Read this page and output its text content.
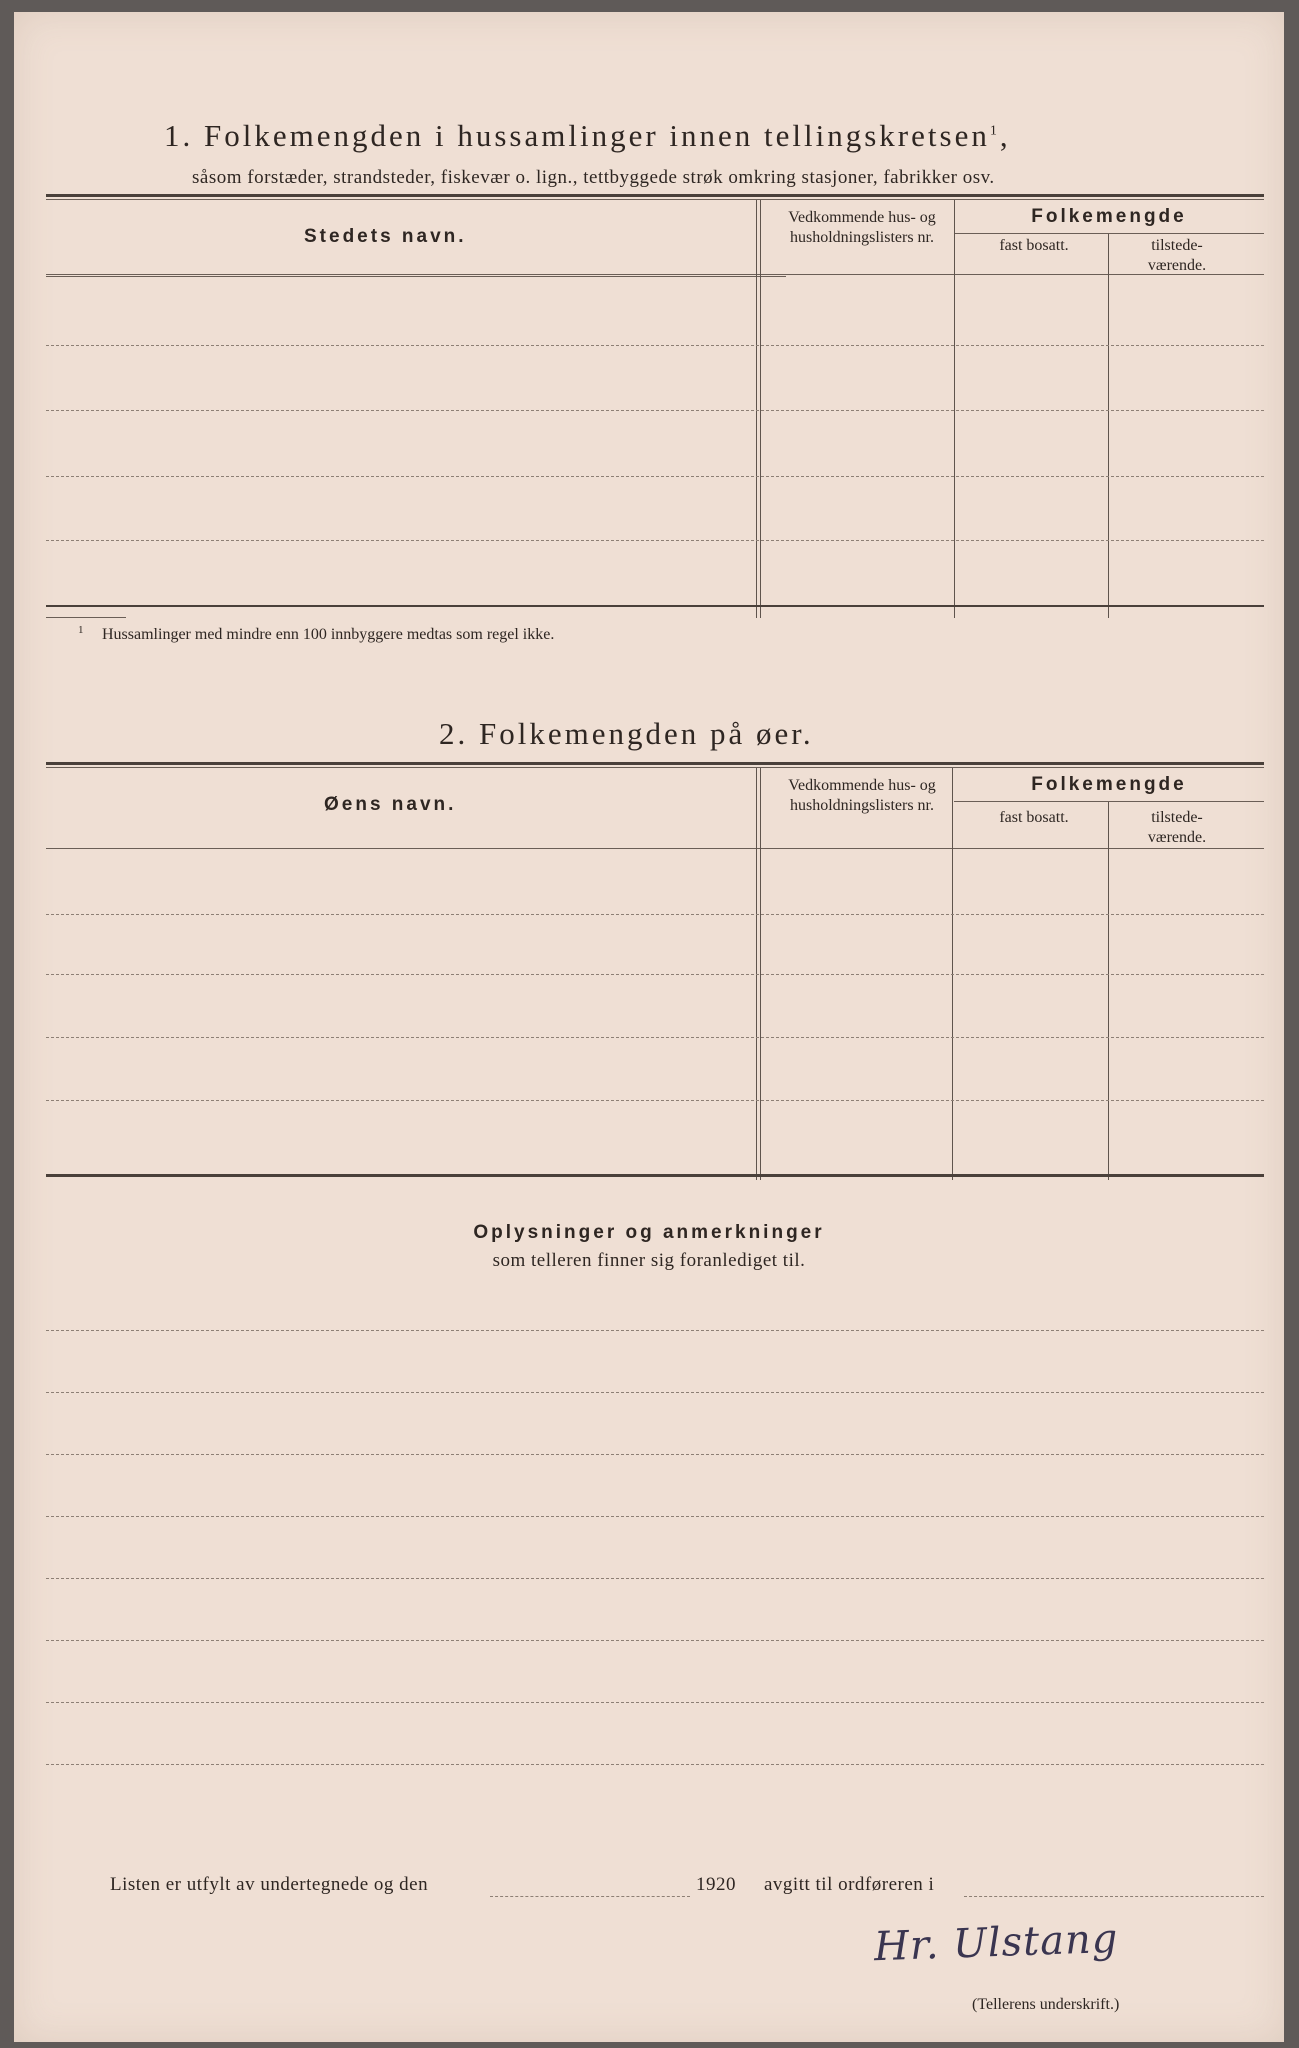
1. Folkemengden i hussamlinger innen tellingskretsen$^1$,
såsom forstæder, strandsteder, fiskevær o. lign., tettbyggede strøk omkring stasjoner, fabrikker osv.
Stedets navn.
Vedkommende hus- og husholdningslisters nr.
Folkemengde
fast bosatt.	tilstede- værende.
1 Hussamlinger med mindre enn 100 innbyggere medtas som regel ikke.
2. Folkemengden på øer.
Øens navn.
Vedkommende hus- og husholdningslisters nr.
Folkemengde
fast bosatt.	tilstede- værende.
Oplysninger og anmerkninger
som telleren finner sig foranlediget til.
Listen er utfylt av undertegnede og den	1920 avgitt til ordføreren i
Hr. Ulstang
(Tellerens underskrift.)
